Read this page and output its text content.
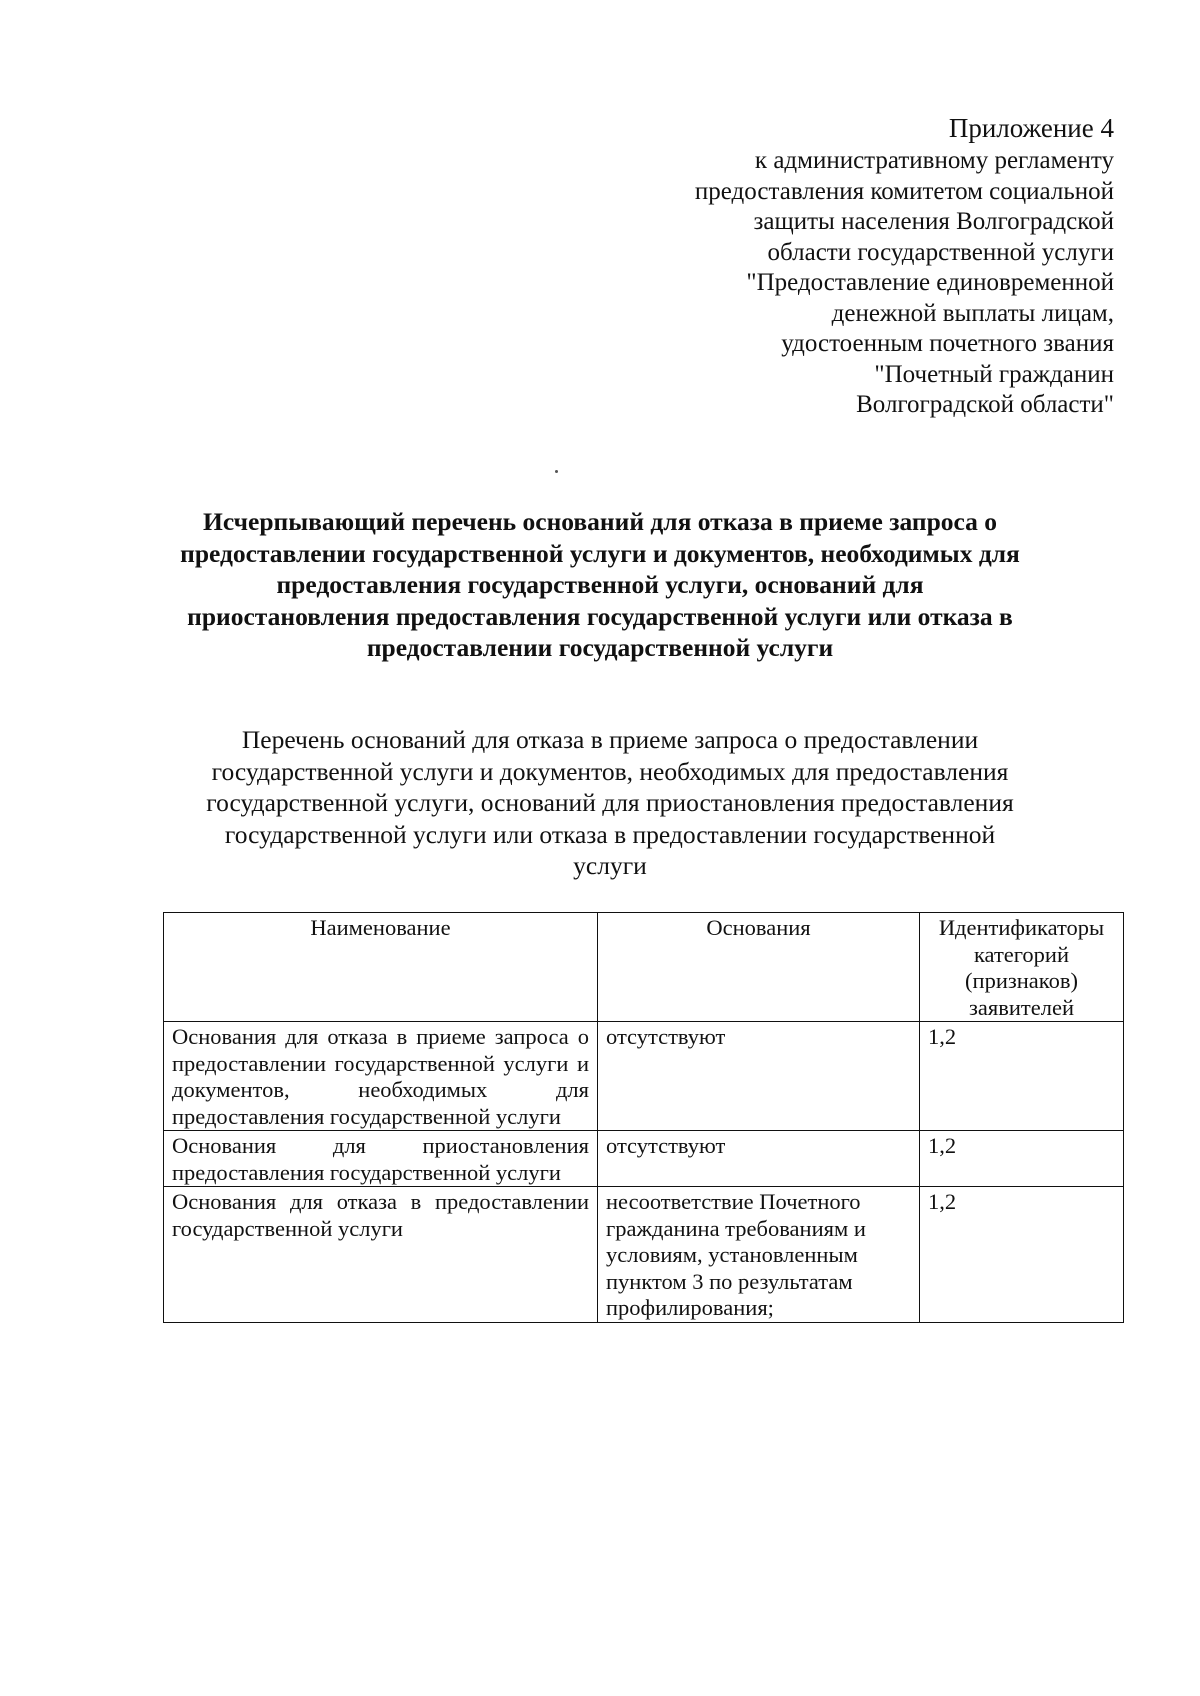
Приложение 4
к административному регламенту
предоставления комитетом социальной
защиты населения Волгоградской
области государственной услуги
"Предоставление единовременной
денежной выплаты лицам,
удостоенным почетного звания
"Почетный гражданин
Волгоградской области"
Исчерпывающий перечень оснований для отказа в приеме запроса о
предоставлении государственной услуги и документов, необходимых для
предоставления государственной услуги, оснований для
приостановления предоставления государственной услуги или отказа в
предоставлении государственной услуги
Перечень оснований для отказа в приеме запроса о предоставлении
государственной услуги и документов, необходимых для предоставления
государственной услуги, оснований для приостановления предоставления
государственной услуги или отказа в предоставлении государственной
услуги
Наименование	Основания	Идентификаторы категорий (признаков) заявителей
Основания для отказа в приеме запроса о предоставлении государственной услуги и документов, необходимых для предоставления государственной услуги	отсутствуют	1,2
Основания для приостановления предоставления государственной услуги	отсутствуют	1,2
Основания для отказа в предоставлении государственной услуги	несоответствие Почетного гражданина требованиям и условиям, установленным пунктом 3 по результатам профилирования;	1,2
